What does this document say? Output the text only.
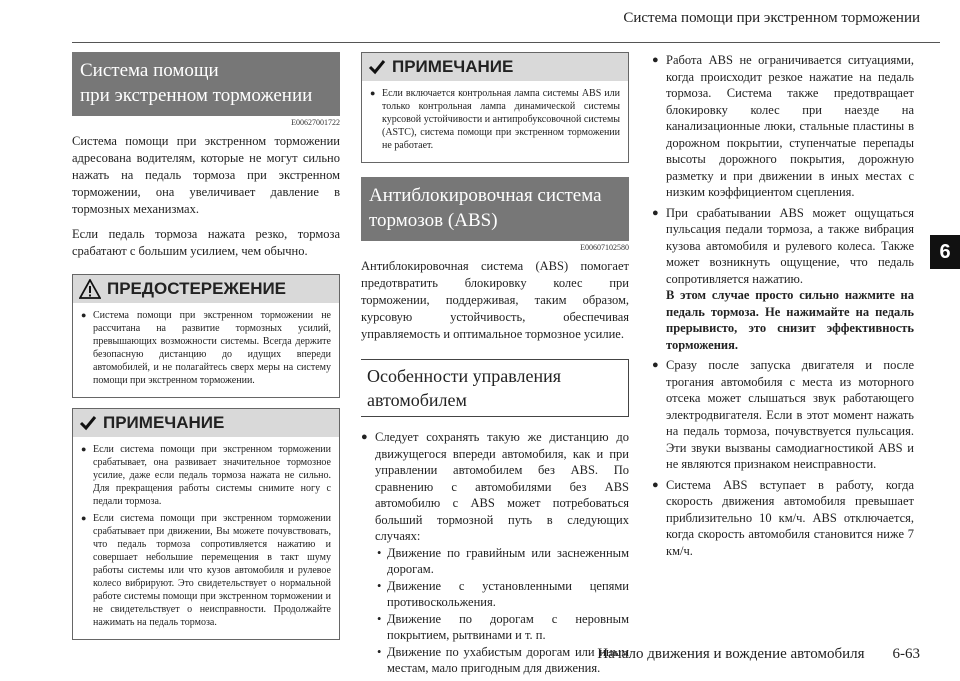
Система помощи при экстренном торможении
6
Система помощи
при экстренном торможении
E00627001722

Система помощи при экстренном торможении адресована водителям, которые не могут сильно нажать на педаль тормоза при экстренном торможении, она увеличивает давление в тормозных механизмах.

Если педаль тормоза нажата резко, тормоза срабатают с большим усилием, чем обычно.

ПРЕДОСТЕРЕЖЕНИЕ
● Система помощи при экстренном торможении не рассчитана на развитие тормозных усилий, превышающих возможности системы. Всегда держите безопасную дистанцию до идущих впереди автомобилей, и не полагайтесь сверх меры на систему помощи при экстренном торможении.
ПРИМЕЧАНИЕ
● Если система помощи при экстренном торможении срабатывает, она развивает значительное тормозное усилие, даже если педаль тормоза нажата не сильно. Для прекращения работы системы снимите ногу с педали тормоза.
● Если система помощи при экстренном торможении срабатывает при движении, Вы можете почувствовать, что педаль тормоза сопротивляется нажатию и совершает небольшие перемещения в такт шуму работы системы или что кузов автомобиля и рулевое колесо вибрируют. Это свидетельствует о нормальной работе системы помощи при экстренном торможении и не свидетельствует о неисправности. Продолжайте нажимать на педаль тормоза.
ПРИМЕЧАНИЕ
● Если включается контрольная лампа системы ABS или только контрольная лампа динамической системы курсовой устойчивости и антипробуксовочной системы (ASTC), система помощи при экстренном торможении не работает.
Антиблокировочная система
тормозов (ABS)
E00607102580

Антиблокировочная система (ABS) помогает предотвратить блокировку колес при торможении, поддерживая, таким образом, курсовую устойчивость, обеспечивая управляемость и оптимальное тормозное усилие.

Особенности управления
автомобилем
● Следует сохранять такую же дистанцию до движущегося впереди автомобиля, как и при управлении автомобилем без ABS. По сравнению с автомобилями без ABS автомобилю с ABS может потребоваться больший тормозной путь в следующих случаях:
• Движение по гравийным или заснеженным дорогам.
• Движение с установленными цепями противоскольжения.
• Движение по дорогам с неровным покрытием, рытвинами и т. п.
• Движение по ухабистым дорогам или иным местам, мало пригодным для движения.
● Работа ABS не ограничивается ситуациями, когда происходит резкое нажатие на педаль тормоза. Система также предотвращает блокировку колес при наезде на канализационные люки, стальные пластины в дорожном покрытии, ступенчатые перепады высоты дорожного покрытия, дорожную разметку и при движении в иных местах с низким коэффициентом сцепления.
● При срабатывании ABS может ощущаться пульсация педали тормоза, а также вибрация кузова автомобиля и рулевого колеса. Также может возникнуть ощущение, что педаль сопротивляется нажатию.
В этом случае просто сильно нажмите на педаль тормоза. Не нажимайте на педаль прерывисто, это снизит эффективность торможения.
● Сразу после запуска двигателя и после трогания автомобиля с места из моторного отсека может слышаться звук работающего электродвигателя. Если в этот момент нажать на педаль тормоза, почувствуется пульсация. Эти звуки вызваны самодиагностикой ABS и не являются признаком неисправности.
● Система ABS вступает в работу, когда скорость движения автомобиля превышает приблизительно 10 км/ч. ABS отключается, когда скорость автомобиля становится ниже 7 км/ч.
Начало движения и вождение автомобиля 6-63
